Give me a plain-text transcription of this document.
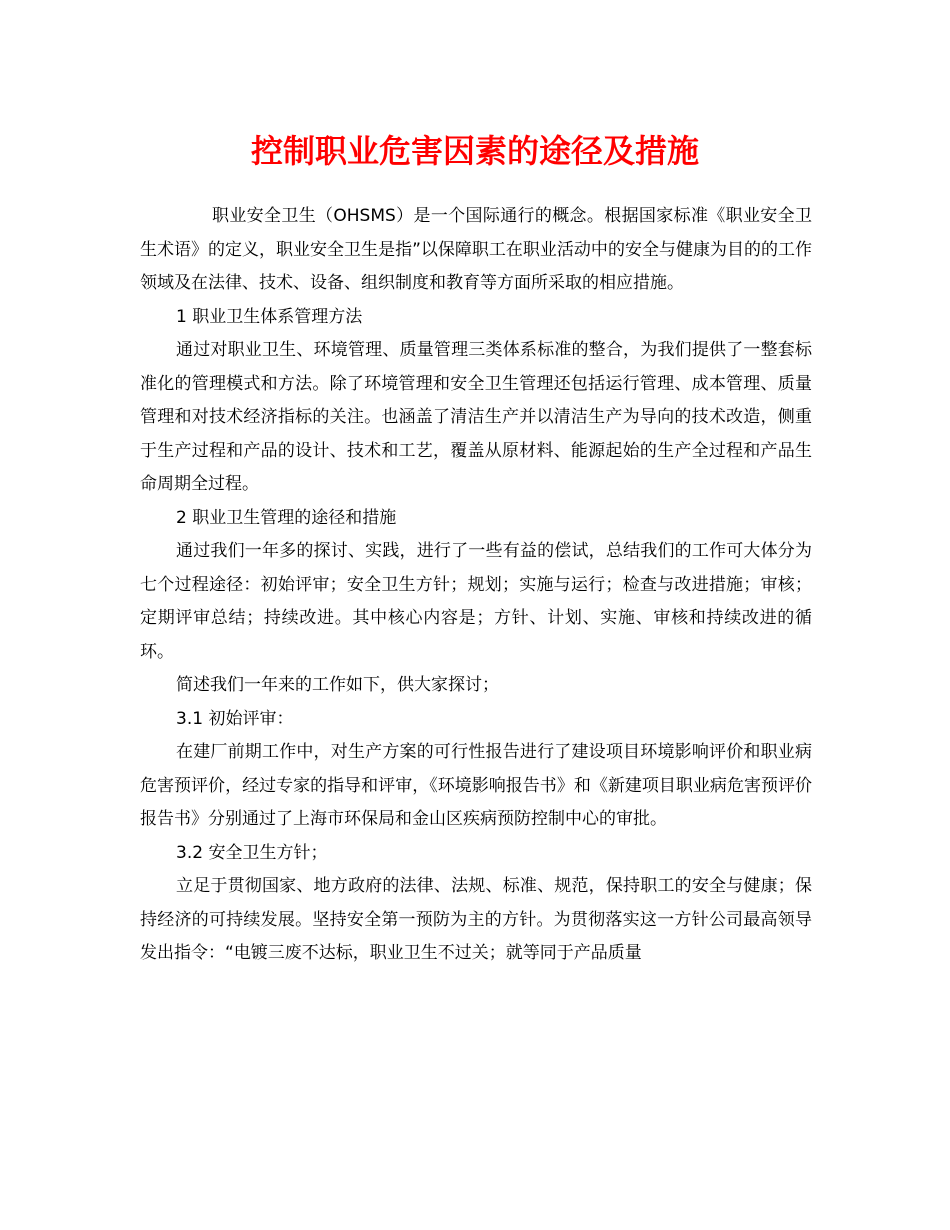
控制职业危害因素的途径及措施

职业安全卫生（OHSMS）是一个国际通行的概念。根据国家标准《职业安全卫生术语》的定义，职业安全卫生是指”以保障职工在职业活动中的安全与健康为目的的工作领域及在法律、技术、设备、组织制度和教育等方面所采取的相应措施。

1 职业卫生体系管理方法

通过对职业卫生、环境管理、质量管理三类体系标准的整合，为我们提供了一整套标准化的管理模式和方法。除了环境管理和安全卫生管理还包括运行管理、成本管理、质量管理和对技术经济指标的关注。也涵盖了清洁生产并以清洁生产为导向的技术改造，侧重于生产过程和产品的设计、技术和工艺，覆盖从原材料、能源起始的生产全过程和产品生命周期全过程。

2 职业卫生管理的途径和措施

通过我们一年多的探讨、实践，进行了一些有益的偿试，总结我们的工作可大体分为七个过程途径：初始评审；安全卫生方针；规划；实施与运行；检查与改进措施；审核；定期评审总结；持续改进。其中核心内容是；方针、计划、实施、审核和持续改进的循环。

简述我们一年来的工作如下，供大家探讨；

3.1 初始评审：

在建厂前期工作中，对生产方案的可行性报告进行了建设项目环境影响评价和职业病危害预评价，经过专家的指导和评审，《环境影响报告书》和《新建项目职业病危害预评价报告书》分别通过了上海市环保局和金山区疾病预防控制中心的审批。

3.2 安全卫生方针；

立足于贯彻国家、地方政府的法律、法规、标准、规范，保持职工的安全与健康；保持经济的可持续发展。坚持安全第一预防为主的方针。为贯彻落实这一方针公司最高领导发出指令：“电镀三废不达标，职业卫生不过关；就等同于产品质量
